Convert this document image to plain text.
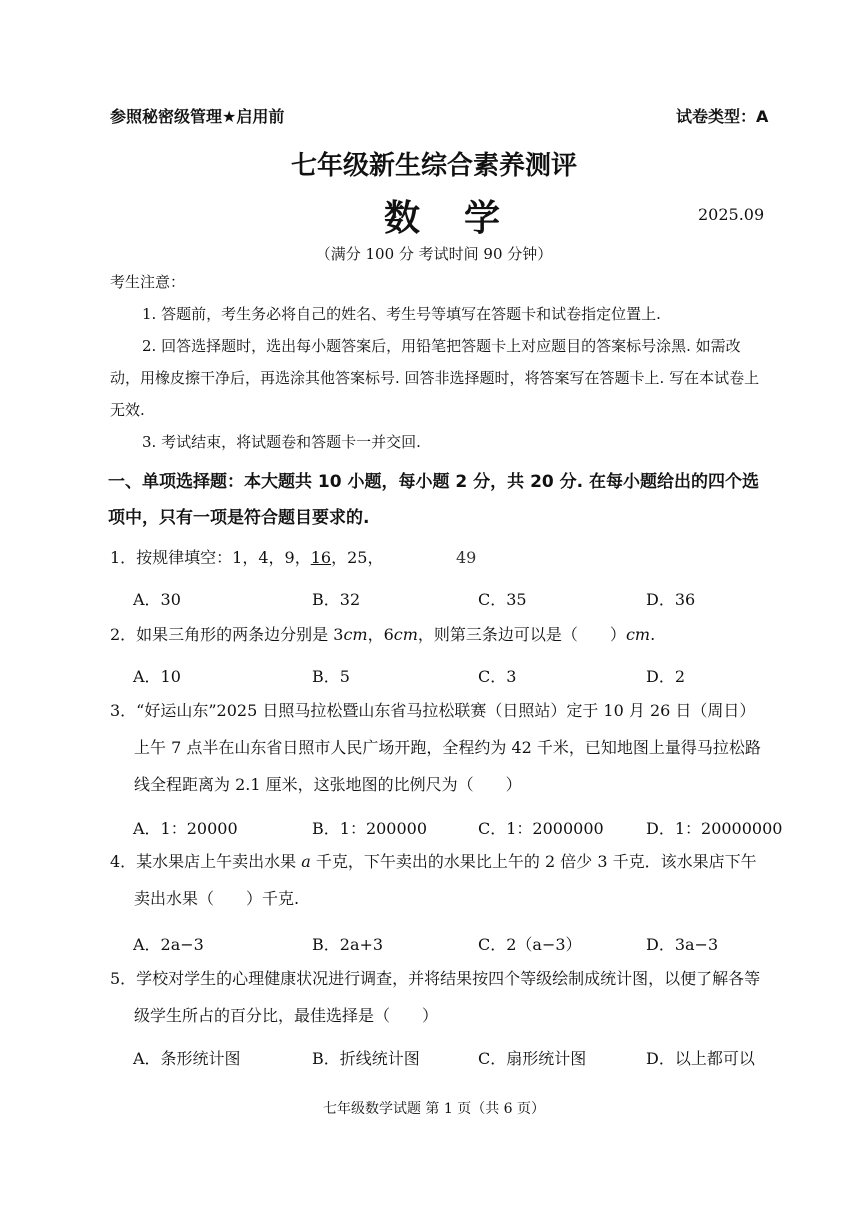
参照秘密级管理★启用前	试卷类型：A
七年级新生综合素养测评
数学	2025.09
（满分 100 分 考试时间 90 分钟）
考生注意：
1. 答题前，考生务必将自己的姓名、考生号等填写在答题卡和试卷指定位置上.
2. 回答选择题时，选出每小题答案后，用铅笔把答题卡上对应题目的答案标号涂黑. 如需改动，用橡皮擦干净后，再选涂其他答案标号. 回答非选择题时，将答案写在答题卡上. 写在本试卷上无效.
3. 考试结束，将试题卷和答题卡一并交回.
一、单项选择题：本大题共 10 小题，每小题 2 分，共 20 分. 在每小题给出的四个选项中，只有一项是符合题目要求的.
1．按规律填空：1，4，9，16，25，	49
A．30	B．32	C．35	D．36
2．如果三角形的两条边分别是 3cm，6cm，则第三条边可以是（　　）cm.
A．10	B．5	C．3	D．2
3．“好运山东”2025 日照马拉松暨山东省马拉松联赛（日照站）定于 10 月 26 日（周日）上午 7 点半在山东省日照市人民广场开跑，全程约为 42 千米，已知地图上量得马拉松路线全程距离为 2.1 厘米，这张地图的比例尺为（　　）
A．1：20000	B．1：200000	C．1：2000000	D．1：20000000
4．某水果店上午卖出水果 a 千克，下午卖出的水果比上午的 2 倍少 3 千克．该水果店下午卖出水果（　　）千克.
A．2a−3	B．2a+3	C．2（a−3）	D．3a−3
5．学校对学生的心理健康状况进行调查，并将结果按四个等级绘制成统计图，以便了解各等级学生所占的百分比，最佳选择是（　　）
A．条形统计图	B．折线统计图	C．扇形统计图	D．以上都可以
七年级数学试题 第 1 页（共 6 页）
